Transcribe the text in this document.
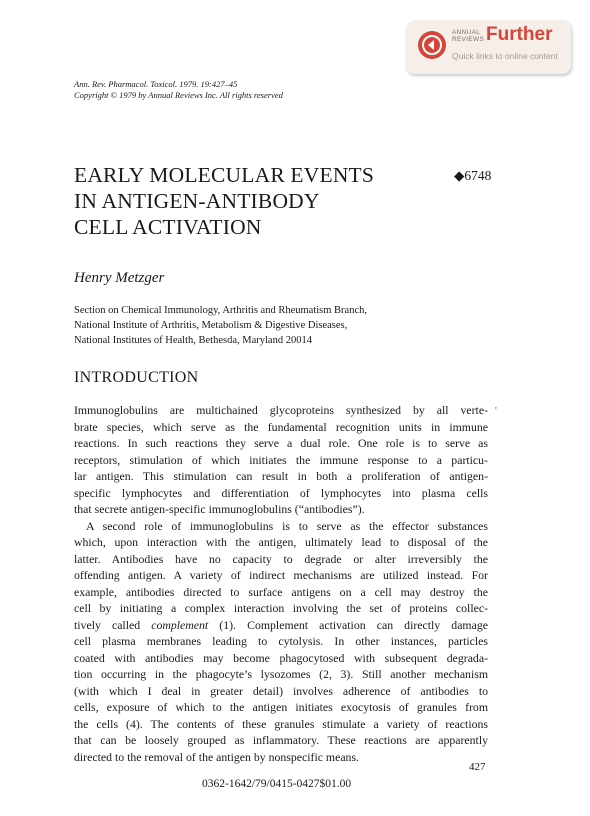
ANNUAL
REVIEWS Further
Quick links to online content
Ann. Rev. Pharmacol. Toxicol. 1979. 19:427–45
Copyright © 1979 by Annual Reviews Inc. All rights reserved
EARLY MOLECULAR EVENTS
IN ANTIGEN-ANTIBODY
CELL ACTIVATION
◆6748
Henry Metzger
Section on Chemical Immunology, Arthritis and Rheumatism Branch,
National Institute of Arthritis, Metabolism & Digestive Diseases,
National Institutes of Health, Bethesda, Maryland 20014
INTRODUCTION
'
Immunoglobulins are multichained glycoproteins synthesized by all verte-
brate species, which serve as the fundamental recognition units in immune
reactions. In such reactions they serve a dual role. One role is to serve as
receptors, stimulation of which initiates the immune response to a particu-
lar antigen. This stimulation can result in both a proliferation of antigen-
specific lymphocytes and differentiation of lymphocytes into plasma cells
that secrete antigen-specific immunoglobulins (“antibodies”).
A second role of immunoglobulins is to serve as the effector substances
which, upon interaction with the antigen, ultimately lead to disposal of the
latter. Antibodies have no capacity to degrade or alter irreversibly the
offending antigen. A variety of indirect mechanisms are utilized instead. For
example, antibodies directed to surface antigens on a cell may destroy the
cell by initiating a complex interaction involving the set of proteins collec-
tively called complement (1). Complement activation can directly damage
cell plasma membranes leading to cytolysis. In other instances, particles
coated with antibodies may become phagocytosed with subsequent degrada-
tion occurring in the phagocyte’s lysozomes (2, 3). Still another mechanism
(with which I deal in greater detail) involves adherence of antibodies to
cells, exposure of which to the antigen initiates exocytosis of granules from
the cells (4). The contents of these granules stimulate a variety of reactions
that can be loosely grouped as inflammatory. These reactions are apparently
directed to the removal of the antigen by nonspecific means.
427
0362-1642/79/0415-0427$01.00
